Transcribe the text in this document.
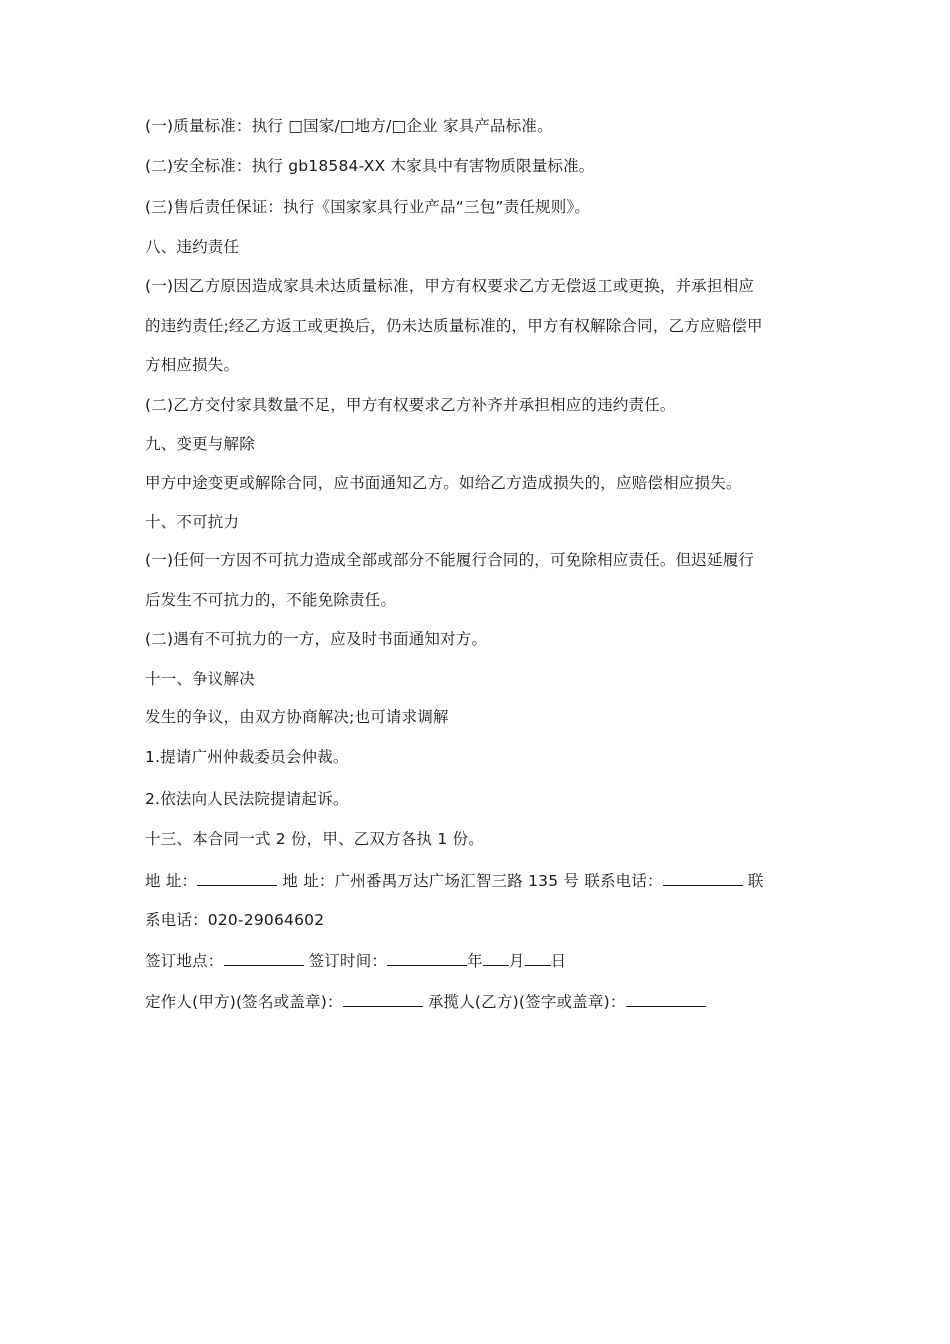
(一)质量标准：执行 □国家/□地方/□企业 家具产品标准。
(二)安全标准：执行 gb18584-XX 木家具中有害物质限量标准。
(三)售后责任保证：执行《国家家具行业产品“三包”责任规则》。
八、违约责任
(一)因乙方原因造成家具未达质量标准，甲方有权要求乙方无偿返工或更换，并承担相应
的违约责任;经乙方返工或更换后，仍未达质量标准的，甲方有权解除合同，乙方应赔偿甲
方相应损失。
(二)乙方交付家具数量不足，甲方有权要求乙方补齐并承担相应的违约责任。
九、变更与解除
甲方中途变更或解除合同，应书面通知乙方。如给乙方造成损失的，应赔偿相应损失。
十、不可抗力
(一)任何一方因不可抗力造成全部或部分不能履行合同的，可免除相应责任。但迟延履行
后发生不可抗力的，不能免除责任。
(二)遇有不可抗力的一方，应及时书面通知对方。
十一、争议解决
发生的争议，由双方协商解决;也可请求调解
1.提请广州仲裁委员会仲裁。
2.依法向人民法院提请起诉。
十三、本合同一式 2 份，甲、乙双方各执 1 份。
地 址：	地 址：广州番禺万达广场汇智三路 135 号 联系电话：	联
系电话：020-29064602
签订地点：	签订时间：	年 月 日
定作人(甲方)(签名或盖章)：	承揽人(乙方)(签字或盖章)：
